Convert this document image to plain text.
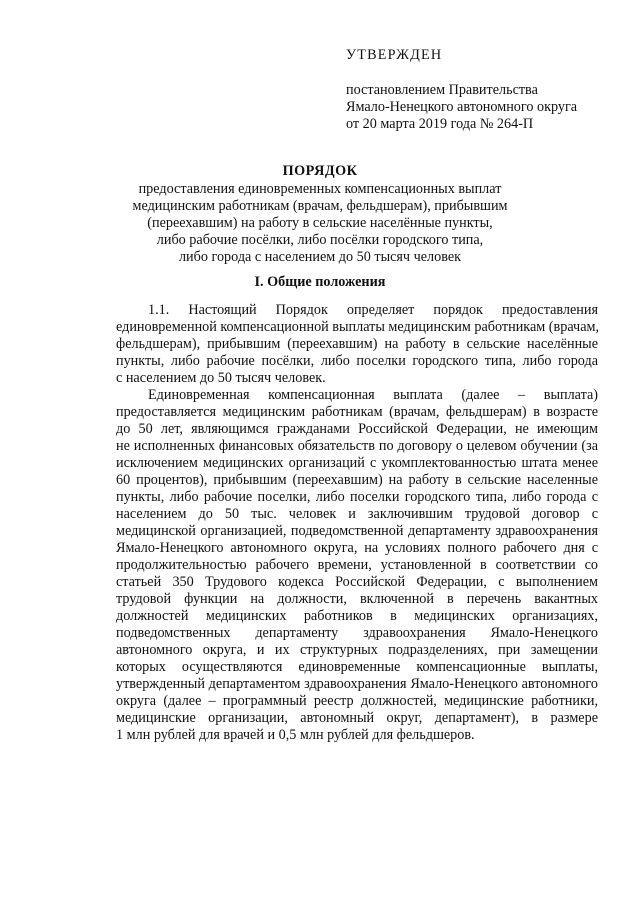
УТВЕРЖДЕН
постановлением Правительства
Ямало-Ненецкого автономного округа
от 20 марта 2019 года № 264-П
ПОРЯДОК
предоставления единовременных компенсационных выплат
медицинским работникам (врачам, фельдшерам), прибывшим
(переехавшим) на работу в сельские населённые пункты,
либо рабочие посёлки, либо посёлки городского типа,
либо города с населением до 50 тысяч человек
I. Общие положения
1.1. Настоящий Порядок определяет порядок предоставления
единовременной компенсационной выплаты медицинским работникам (врачам,
фельдшерам), прибывшим (переехавшим) на работу в сельские населённые
пункты, либо рабочие посёлки, либо поселки городского типа, либо города
с населением до 50 тысяч человек.
Единовременная компенсационная выплата (далее – выплата)
предоставляется медицинским работникам (врачам, фельдшерам) в возрасте
до 50 лет, являющимся гражданами Российской Федерации, не имеющим
не исполненных финансовых обязательств по договору о целевом обучении (за
исключением медицинских организаций с укомплектованностью штата менее
60 процентов), прибывшим (переехавшим) на работу в сельские населенные
пункты, либо рабочие поселки, либо поселки городского типа, либо города с
населением до 50 тыс. человек и заключившим трудовой договор с
медицинской организацией, подведомственной департаменту здравоохранения
Ямало-Ненецкого автономного округа, на условиях полного рабочего дня с
продолжительностью рабочего времени, установленной в соответствии со
статьей 350 Трудового кодекса Российской Федерации, с выполнением
трудовой функции на должности, включенной в перечень вакантных
должностей медицинских работников в медицинских организациях,
подведомственных департаменту здравоохранения Ямало-Ненецкого
автономного округа, и их структурных подразделениях, при замещении
которых осуществляются единовременные компенсационные выплаты,
утвержденный департаментом здравоохранения Ямало-Ненецкого автономного
округа (далее – программный реестр должностей, медицинские работники,
медицинские организации, автономный округ, департамент), в размере
1 млн рублей для врачей и 0,5 млн рублей для фельдшеров.
